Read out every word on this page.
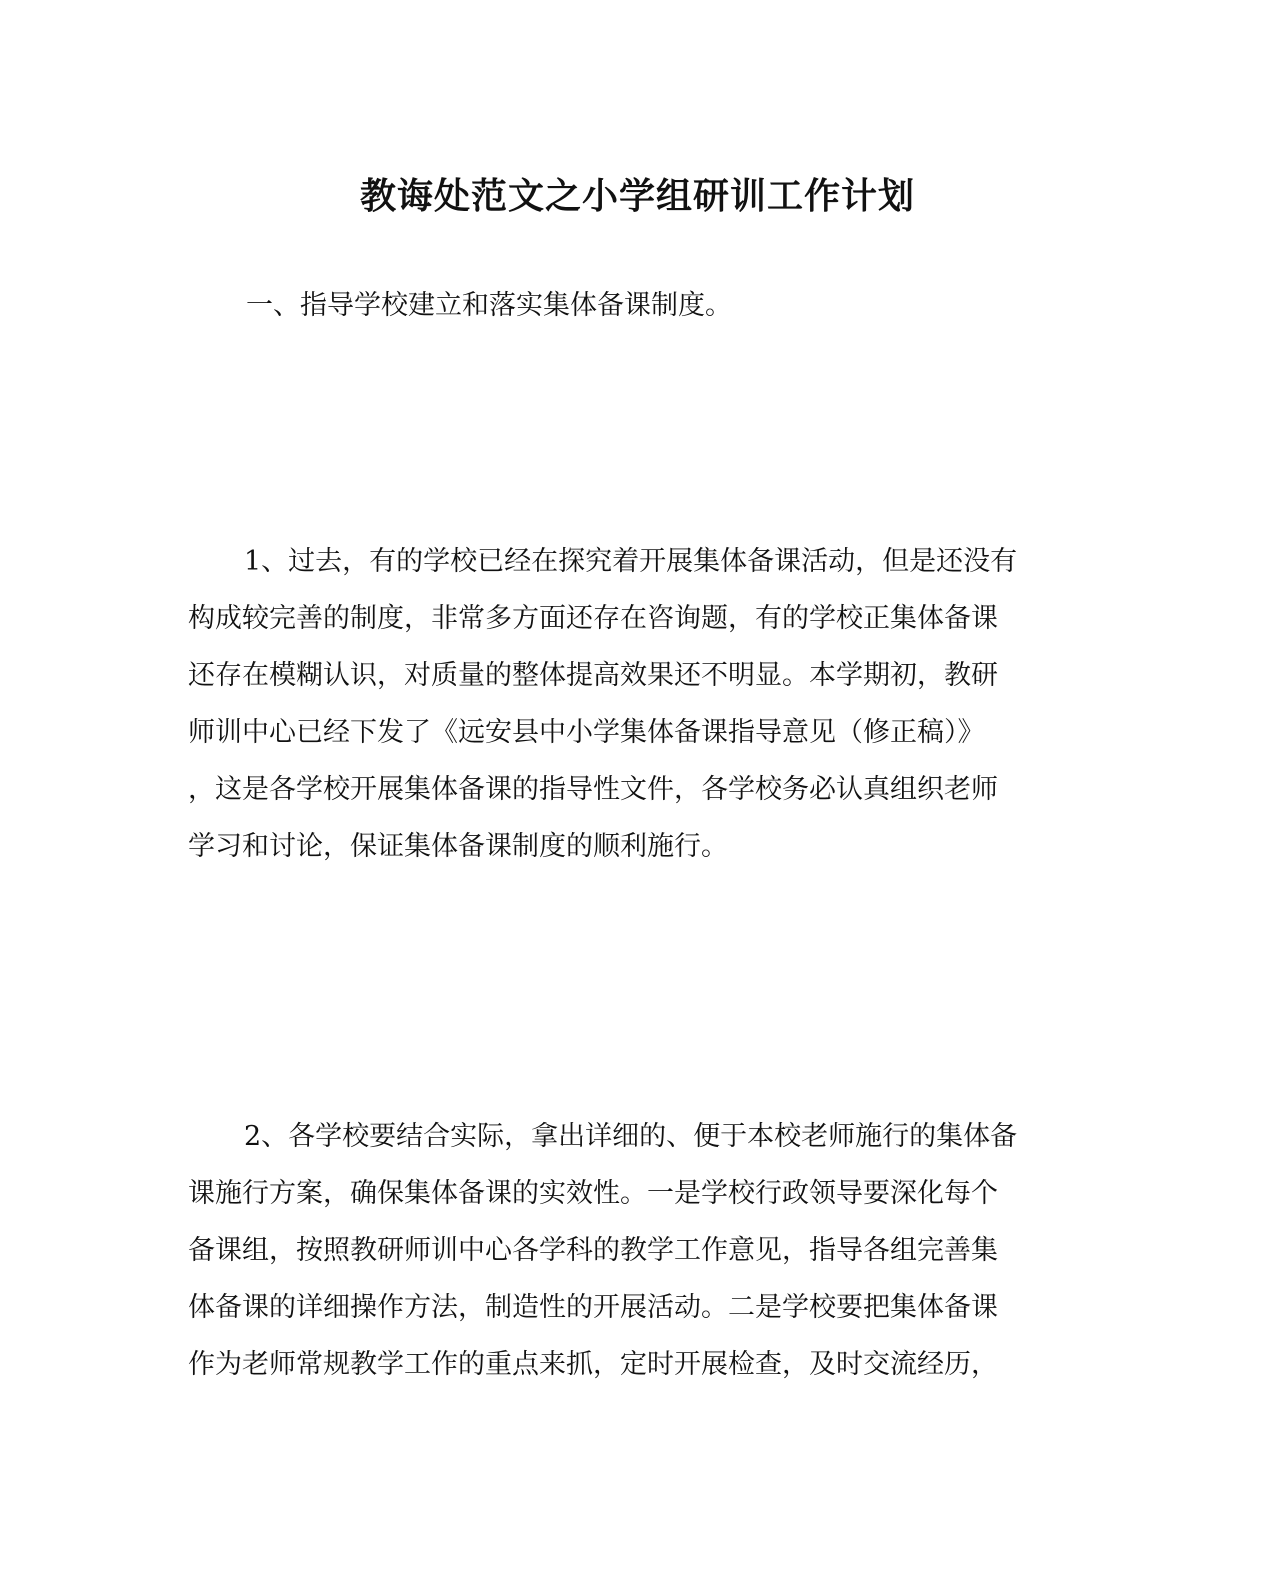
教诲处范文之小学组研训工作计划
一、指导学校建立和落实集体备课制度。
1、过去，有的学校已经在探究着开展集体备课活动，但是还没有
构成较完善的制度，非常多方面还存在咨询题，有的学校正集体备课
还存在模糊认识，对质量的整体提高效果还不明显。本学期初，教研
师训中心已经下发了《远安县中小学集体备课指导意见（修正稿）》
，这是各学校开展集体备课的指导性文件，各学校务必认真组织老师
学习和讨论，保证集体备课制度的顺利施行。
2、各学校要结合实际，拿出详细的、便于本校老师施行的集体备
课施行方案，确保集体备课的实效性。一是学校行政领导要深化每个
备课组，按照教研师训中心各学科的教学工作意见，指导各组完善集
体备课的详细操作方法，制造性的开展活动。二是学校要把集体备课
作为老师常规教学工作的重点来抓，定时开展检查，及时交流经历，
